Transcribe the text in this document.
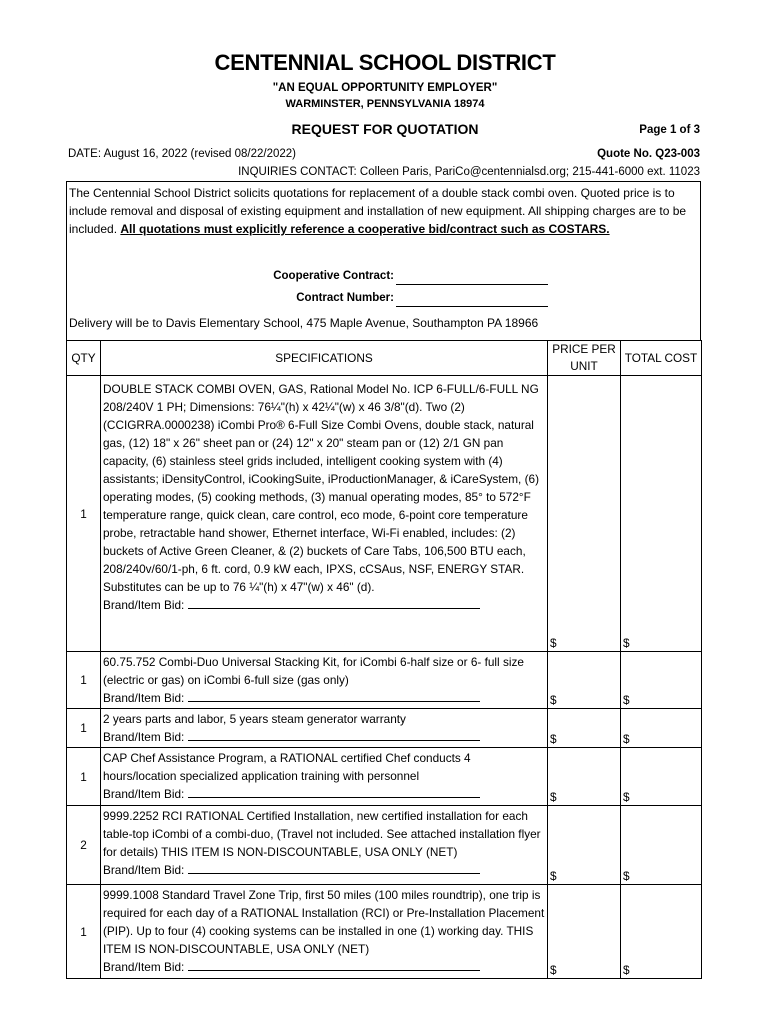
CENTENNIAL SCHOOL DISTRICT
"AN EQUAL OPPORTUNITY EMPLOYER"
WARMINSTER, PENNSYLVANIA 18974
REQUEST FOR QUOTATION	Page 1 of 3
DATE: August 16, 2022 (revised 08/22/2022)	Quote No. Q23-003
INQUIRIES CONTACT: Colleen Paris, PariCo@centennialsd.org; 215-441-6000 ext. 11023
The Centennial School District solicits quotations for replacement of a double stack combi oven. Quoted price is to include removal and disposal of existing equipment and installation of new equipment. All shipping charges are to be included. All quotations must explicitly reference a cooperative bid/contract such as COSTARS.
Cooperative Contract:
Contract Number:
Delivery will be to Davis Elementary School, 475 Maple Avenue, Southampton PA 18966
QTY	SPECIFICATIONS	PRICE PER UNIT	TOTAL COST
1	DOUBLE STACK COMBI OVEN, GAS, Rational Model No. ICP 6-FULL/6-FULL NG 208/240V 1 PH; Dimensions: 76¼"(h) x 42¼"(w) x 46 3/8"(d). Two (2) (CCIGRRA.0000238) iCombi Pro® 6-Full Size Combi Ovens, double stack, natural gas, (12) 18" x 26" sheet pan or (24) 12" x 20" steam pan or (12) 2/1 GN pan capacity, (6) stainless steel grids included, intelligent cooking system with (4) assistants; iDensityControl, iCookingSuite, iProductionManager, & iCareSystem, (6) operating modes, (5) cooking methods, (3) manual operating modes, 85° to 572°F temperature range, quick clean, care control, eco mode, 6-point core temperature probe, retractable hand shower, Ethernet interface, Wi-Fi enabled, includes: (2) buckets of Active Green Cleaner, & (2) buckets of Care Tabs, 106,500 BTU each, 208/240v/60/1-ph, 6 ft. cord, 0.9 kW each, IPXS, cCSAus, NSF, ENERGY STAR. Substitutes can be up to 76 ¼"(h) x 47"(w) x 46" (d).
Brand/Item Bid:	$	$
1	60.75.752 Combi-Duo Universal Stacking Kit, for iCombi 6-half size or 6- full size (electric or gas) on iCombi 6-full size (gas only)
Brand/Item Bid:	$	$
1	2 years parts and labor, 5 years steam generator warranty
Brand/Item Bid:	$	$
1	CAP Chef Assistance Program, a RATIONAL certified Chef conducts 4 hours/location specialized application training with personnel
Brand/Item Bid:	$	$
2	9999.2252 RCI RATIONAL Certified Installation, new certified installation for each table-top iCombi of a combi-duo, (Travel not included. See attached installation flyer for details) THIS ITEM IS NON-DISCOUNTABLE, USA ONLY (NET)
Brand/Item Bid:	$	$
1	9999.1008 Standard Travel Zone Trip, first 50 miles (100 miles roundtrip), one trip is required for each day of a RATIONAL Installation (RCI) or Pre-Installation Placement (PIP). Up to four (4) cooking systems can be installed in one (1) working day. THIS ITEM IS NON-DISCOUNTABLE, USA ONLY (NET)
Brand/Item Bid:	$	$
